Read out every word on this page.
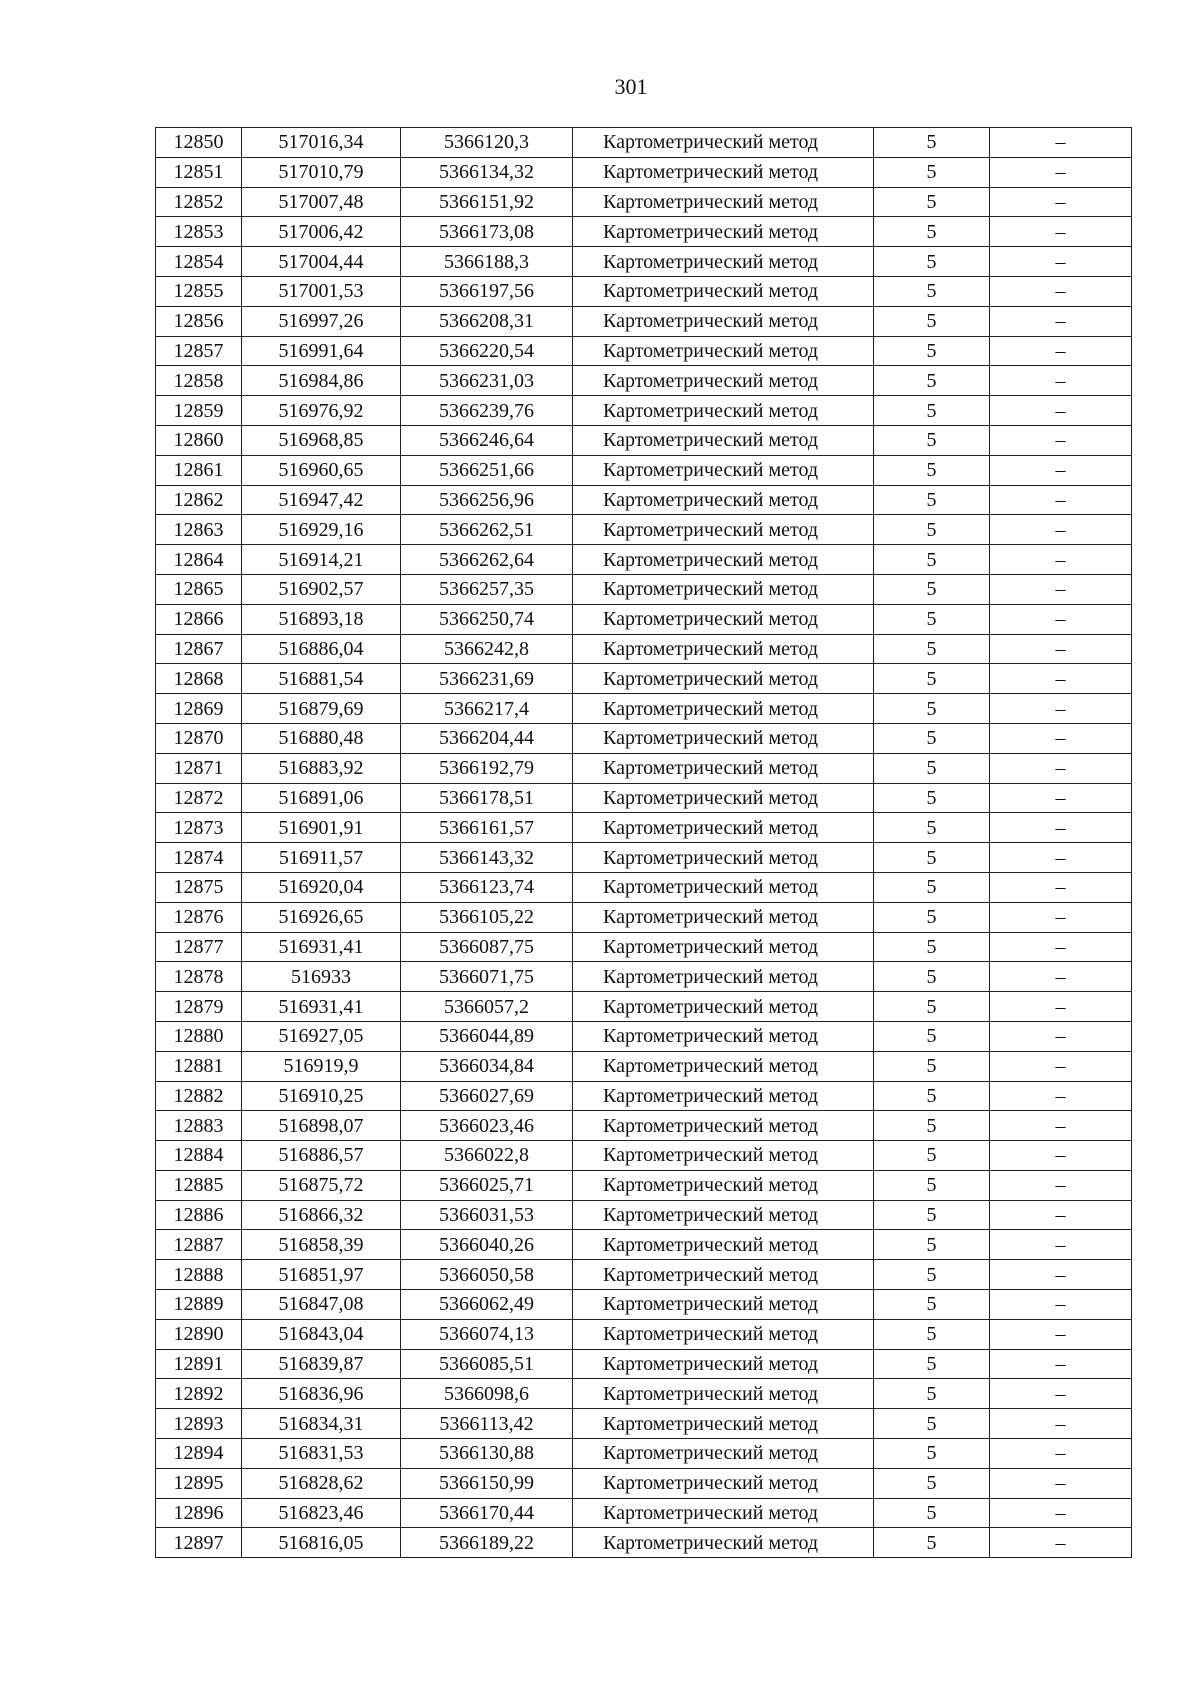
301
12850	517016,34	5366120,3	Картометрический метод	5	–
12851	517010,79	5366134,32	Картометрический метод	5	–
12852	517007,48	5366151,92	Картометрический метод	5	–
12853	517006,42	5366173,08	Картометрический метод	5	–
12854	517004,44	5366188,3	Картометрический метод	5	–
12855	517001,53	5366197,56	Картометрический метод	5	–
12856	516997,26	5366208,31	Картометрический метод	5	–
12857	516991,64	5366220,54	Картометрический метод	5	–
12858	516984,86	5366231,03	Картометрический метод	5	–
12859	516976,92	5366239,76	Картометрический метод	5	–
12860	516968,85	5366246,64	Картометрический метод	5	–
12861	516960,65	5366251,66	Картометрический метод	5	–
12862	516947,42	5366256,96	Картометрический метод	5	–
12863	516929,16	5366262,51	Картометрический метод	5	–
12864	516914,21	5366262,64	Картометрический метод	5	–
12865	516902,57	5366257,35	Картометрический метод	5	–
12866	516893,18	5366250,74	Картометрический метод	5	–
12867	516886,04	5366242,8	Картометрический метод	5	–
12868	516881,54	5366231,69	Картометрический метод	5	–
12869	516879,69	5366217,4	Картометрический метод	5	–
12870	516880,48	5366204,44	Картометрический метод	5	–
12871	516883,92	5366192,79	Картометрический метод	5	–
12872	516891,06	5366178,51	Картометрический метод	5	–
12873	516901,91	5366161,57	Картометрический метод	5	–
12874	516911,57	5366143,32	Картометрический метод	5	–
12875	516920,04	5366123,74	Картометрический метод	5	–
12876	516926,65	5366105,22	Картометрический метод	5	–
12877	516931,41	5366087,75	Картометрический метод	5	–
12878	516933	5366071,75	Картометрический метод	5	–
12879	516931,41	5366057,2	Картометрический метод	5	–
12880	516927,05	5366044,89	Картометрический метод	5	–
12881	516919,9	5366034,84	Картометрический метод	5	–
12882	516910,25	5366027,69	Картометрический метод	5	–
12883	516898,07	5366023,46	Картометрический метод	5	–
12884	516886,57	5366022,8	Картометрический метод	5	–
12885	516875,72	5366025,71	Картометрический метод	5	–
12886	516866,32	5366031,53	Картометрический метод	5	–
12887	516858,39	5366040,26	Картометрический метод	5	–
12888	516851,97	5366050,58	Картометрический метод	5	–
12889	516847,08	5366062,49	Картометрический метод	5	–
12890	516843,04	5366074,13	Картометрический метод	5	–
12891	516839,87	5366085,51	Картометрический метод	5	–
12892	516836,96	5366098,6	Картометрический метод	5	–
12893	516834,31	5366113,42	Картометрический метод	5	–
12894	516831,53	5366130,88	Картометрический метод	5	–
12895	516828,62	5366150,99	Картометрический метод	5	–
12896	516823,46	5366170,44	Картометрический метод	5	–
12897	516816,05	5366189,22	Картометрический метод	5	–
